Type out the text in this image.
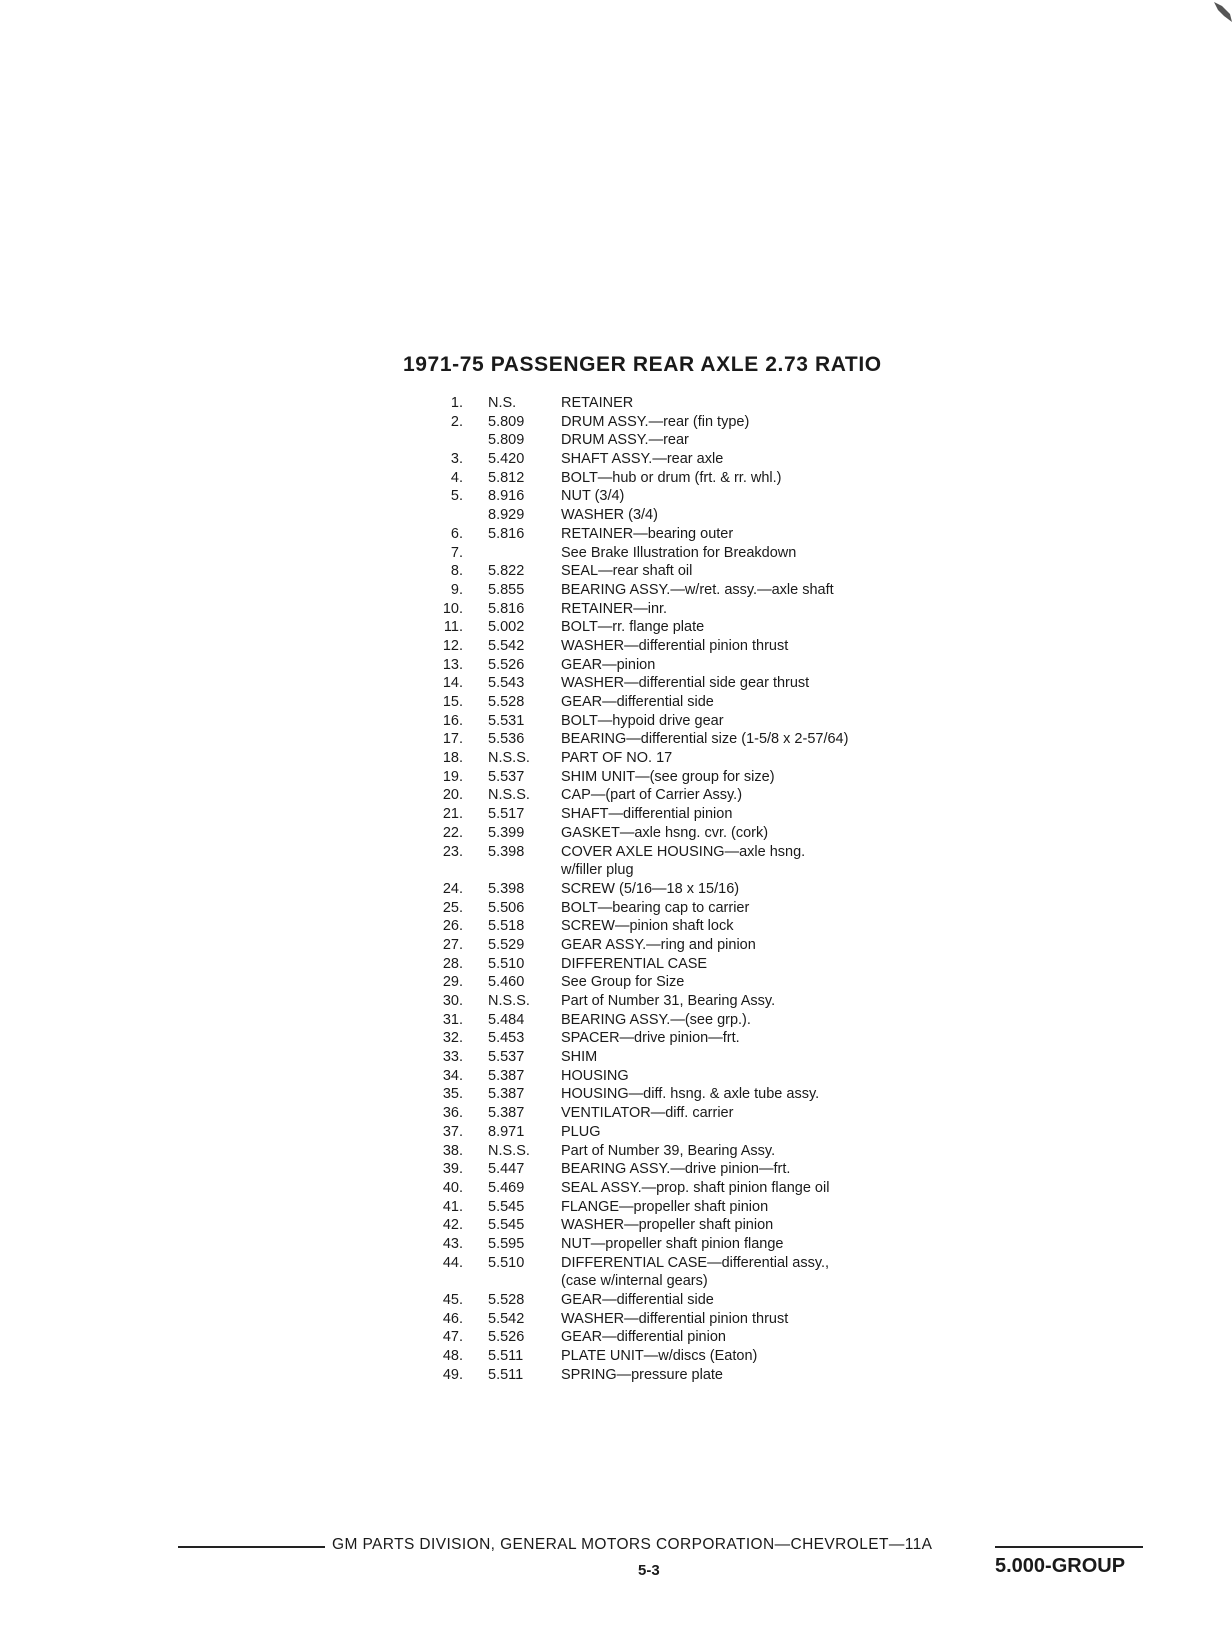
1971-75 PASSENGER REAR AXLE 2.73 RATIO
1. N.S.	RETAINER
2. 5.809	DRUM ASSY.—rear (fin type)
5.809	DRUM ASSY.—rear
3. 5.420	SHAFT ASSY.—rear axle
4. 5.812	BOLT—hub or drum (frt. & rr. whl.)
5. 8.916	NUT (3/4)
8.929	WASHER (3/4)
6. 5.816	RETAINER—bearing outer
7.	See Brake Illustration for Breakdown
8. 5.822	SEAL—rear shaft oil
9. 5.855	BEARING ASSY.—w/ret. assy.—axle shaft
10. 5.816	RETAINER—inr.
11. 5.002	BOLT—rr. flange plate
12. 5.542	WASHER—differential pinion thrust
13. 5.526	GEAR—pinion
14. 5.543	WASHER—differential side gear thrust
15. 5.528	GEAR—differential side
16. 5.531	BOLT—hypoid drive gear
17. 5.536	BEARING—differential size (1-5/8 x 2-57/64)
18. N.S.S.	PART OF NO. 17
19. 5.537	SHIM UNIT—(see group for size)
20. N.S.S.	CAP—(part of Carrier Assy.)
21. 5.517	SHAFT—differential pinion
22. 5.399	GASKET—axle hsng. cvr. (cork)
23. 5.398	COVER AXLE HOUSING—axle hsng.
w/filler plug
24. 5.398	SCREW (5/16—18 x 15/16)
25. 5.506	BOLT—bearing cap to carrier
26. 5.518	SCREW—pinion shaft lock
27. 5.529	GEAR ASSY.—ring and pinion
28. 5.510	DIFFERENTIAL CASE
29. 5.460	See Group for Size
30. N.S.S.	Part of Number 31, Bearing Assy.
31. 5.484	BEARING ASSY.—(see grp.).
32. 5.453	SPACER—drive pinion—frt.
33. 5.537	SHIM
34. 5.387	HOUSING
35. 5.387	HOUSING—diff. hsng. & axle tube assy.
36. 5.387	VENTILATOR—diff. carrier
37. 8.971	PLUG
38. N.S.S.	Part of Number 39, Bearing Assy.
39. 5.447	BEARING ASSY.—drive pinion—frt.
40. 5.469	SEAL ASSY.—prop. shaft pinion flange oil
41. 5.545	FLANGE—propeller shaft pinion
42. 5.545	WASHER—propeller shaft pinion
43. 5.595	NUT—propeller shaft pinion flange
44. 5.510	DIFFERENTIAL CASE—differential assy.,
(case w/internal gears)
45. 5.528	GEAR—differential side
46. 5.542	WASHER—differential pinion thrust
47. 5.526	GEAR—differential pinion
48. 5.511	PLATE UNIT—w/discs (Eaton)
49. 5.511	SPRING—pressure plate
GM PARTS DIVISION, GENERAL MOTORS CORPORATION—CHEVROLET—11A
5-3	5.000-GROUP
